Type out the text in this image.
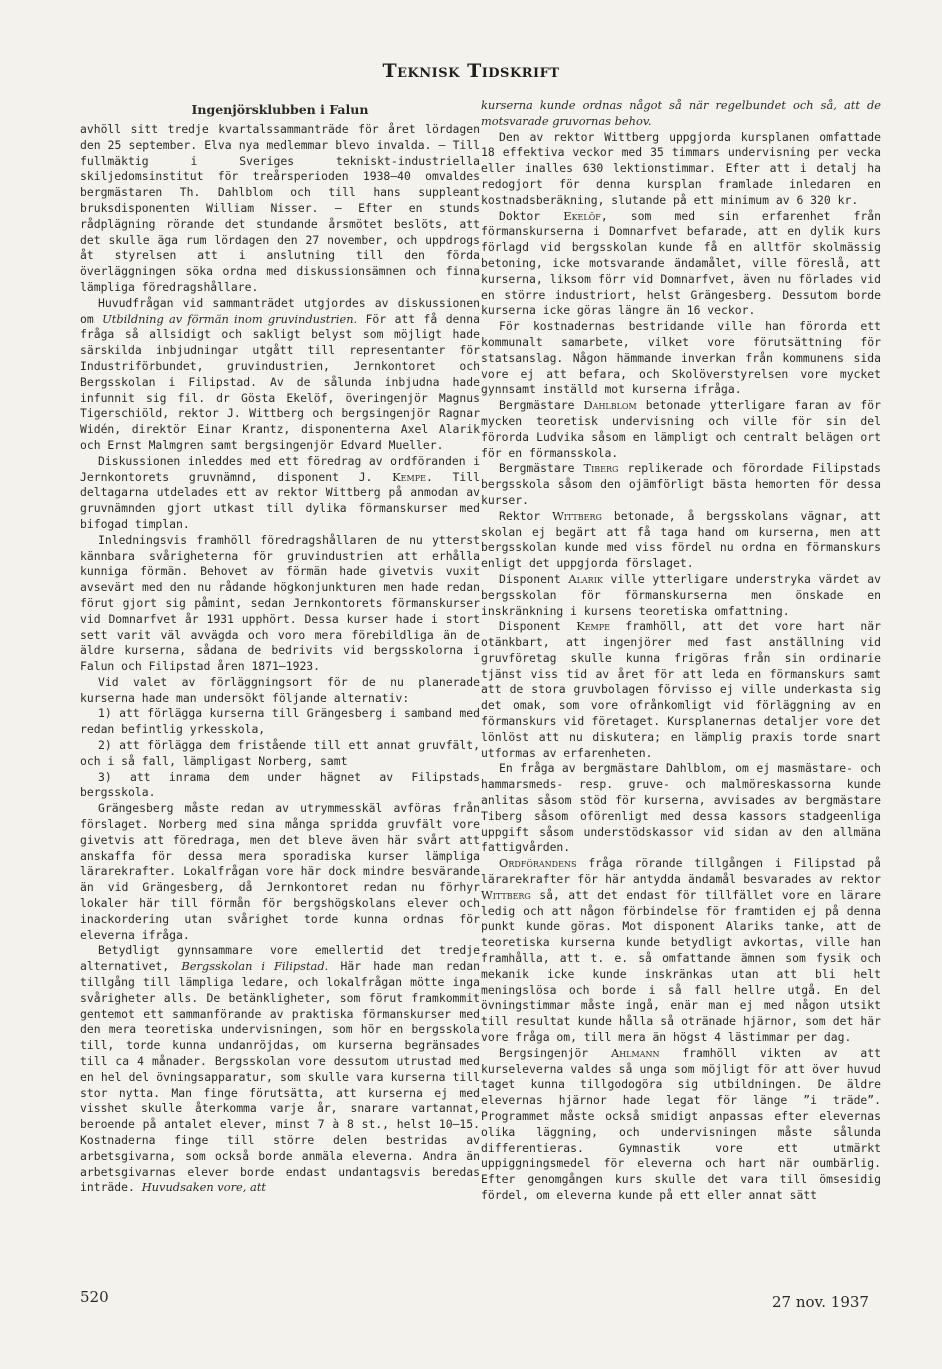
Teknisk Tidskrift
Ingenjörsklubben i Falun

avhöll sitt tredje kvartalssammanträde för året lördagen den 25 september. Elva nya medlemmar blevo invalda. — Till fullmäktig i Sveriges tekniskt-industriella skiljedomsinstitut för treårsperioden 1938—40 omvaldes bergmästaren Th. Dahlblom och till hans suppleant bruksdisponenten William Nisser. — Efter en stunds rådplägning rörande det stundande årsmötet beslöts, att det skulle äga rum lördagen den 27 november, och uppdrogs åt styrelsen att i anslutning till den förda överläggningen söka ordna med diskussionsämnen och finna lämpliga föredragshållare.

Huvudfrågan vid sammanträdet utgjordes av diskussionen om Utbildning av förmän inom gruvindustrien. För att få denna fråga så allsidigt och sakligt belyst som möjligt hade särskilda inbjudningar utgått till representanter för Industriförbundet, gruvindustrien, Jernkontoret och Bergsskolan i Filipstad. Av de sålunda inbjudna hade infunnit sig fil. dr Gösta Ekelöf, överingenjör Magnus Tigerschiöld, rektor J. Wittberg och bergsingenjör Ragnar Widén, direktör Einar Krantz, disponenterna Axel Alarik och Ernst Malmgren samt bergsingenjör Edvard Mueller.

Diskussionen inleddes med ett föredrag av ordföranden i Jernkontorets gruvnämnd, disponent J. Kempe. Till deltagarna utdelades ett av rektor Wittberg på anmodan av gruvnämnden gjort utkast till dylika förmanskurser med bifogad timplan.

Inledningsvis framhöll föredragshållaren de nu ytterst kännbara svårigheterna för gruvindustrien att erhålla kunniga förmän. Behovet av förmän hade givetvis vuxit avsevärt med den nu rådande högkonjunkturen men hade redan förut gjort sig påmint, sedan Jernkontorets förmanskurser vid Domnarfvet år 1931 upphört. Dessa kurser hade i stort sett varit väl avvägda och voro mera förebildliga än de äldre kurserna, sådana de bedrivits vid bergsskolorna i Falun och Filipstad åren 1871—1923.

Vid valet av förläggningsort för de nu planerade kurserna hade man undersökt följande alternativ:

1) att förlägga kurserna till Grängesberg i samband med redan befintlig yrkesskola,

2) att förlägga dem fristående till ett annat gruvfält, och i så fall, lämpligast Norberg, samt

3) att inrama dem under hägnet av Filipstads bergsskola.

Grängesberg måste redan av utrymmesskäl avföras från förslaget. Norberg med sina många spridda gruvfält vore givetvis att föredraga, men det bleve även här svårt att anskaffa för dessa mera sporadiska kurser lämpliga lärarekrafter. Lokalfrågan vore här dock mindre besvärande än vid Grängesberg, då Jernkontoret redan nu förhyr lokaler här till förmån för bergshögskolans elever och inackordering utan svårighet torde kunna ordnas för eleverna ifråga.

Betydligt gynnsammare vore emellertid det tredje alternativet, Bergsskolan i Filipstad. Här hade man redan tillgång till lämpliga ledare, och lokalfrågan mötte inga svårigheter alls. De betänkligheter, som förut framkommit gentemot ett sammanförande av praktiska förmanskurser med den mera teoretiska undervisningen, som hör en bergsskola till, torde kunna undanröjdas, om kurserna begränsades till ca 4 månader. Bergsskolan vore dessutom utrustad med en hel del övningsapparatur, som skulle vara kurserna till stor nytta. Man finge förutsätta, att kurserna ej med visshet skulle återkomma varje år, snarare vartannat, beroende på antalet elever, minst 7 à 8 st., helst 10—15. Kostnaderna finge till större delen bestridas av arbetsgivarna, som också borde anmäla eleverna. Andra än arbetsgivarnas elever borde endast undantagsvis beredas inträde. Huvudsaken vore, att

kurserna kunde ordnas något så när regelbundet och så, att de motsvarade gruvornas behov.

Den av rektor Wittberg uppgjorda kursplanen omfattade 18 effektiva veckor med 35 timmars undervisning per vecka eller inalles 630 lektionstimmar. Efter att i detalj ha redogjort för denna kursplan framlade inledaren en kostnadsberäkning, slutande på ett minimum av 6 320 kr.

Doktor Ekelöf, som med sin erfarenhet från förmanskurserna i Domnarfvet befarade, att en dylik kurs förlagd vid bergsskolan kunde få en alltför skolmässig betoning, icke motsvarande ändamålet, ville föreslå, att kurserna, liksom förr vid Domnarfvet, även nu förlades vid en större industriort, helst Grängesberg. Dessutom borde kurserna icke göras längre än 16 veckor.

För kostnadernas bestridande ville han förorda ett kommunalt samarbete, vilket vore förutsättning för statsanslag. Någon hämmande inverkan från kommunens sida vore ej att befara, och Skolöverstyrelsen vore mycket gynnsamt inställd mot kurserna ifråga.

Bergmästare Dahlblom betonade ytterligare faran av för mycken teoretisk undervisning och ville för sin del förorda Ludvika såsom en lämpligt och centralt belägen ort för en förmansskola.

Bergmästare Tiberg replikerade och förordade Filipstads bergsskola såsom den ojämförligt bästa hemorten för dessa kurser.

Rektor Wittberg betonade, å bergsskolans vägnar, att skolan ej begärt att få taga hand om kurserna, men att bergsskolan kunde med viss fördel nu ordna en förmanskurs enligt det uppgjorda förslaget.

Disponent Alarik ville ytterligare understryka värdet av bergsskolan för förmanskurserna men önskade en inskränkning i kursens teoretiska omfattning.

Disponent Kempe framhöll, att det vore hart när otänkbart, att ingenjörer med fast anställning vid gruvföretag skulle kunna frigöras från sin ordinarie tjänst viss tid av året för att leda en förmanskurs samt att de stora gruvbolagen förvisso ej ville underkasta sig det omak, som vore ofrånkomligt vid förläggning av en förmanskurs vid företaget. Kursplanernas detaljer vore det lönlöst att nu diskutera; en lämplig praxis torde snart utformas av erfarenheten.

En fråga av bergmästare Dahlblom, om ej masmästare- och hammarsmeds- resp. gruve- och malmöreskassorna kunde anlitas såsom stöd för kurserna, avvisades av bergmästare Tiberg såsom oförenligt med dessa kassors stadgeenliga uppgift såsom understödskassor vid sidan av den allmäna fattigvården.

Ordförandens fråga rörande tillgången i Filipstad på lärarekrafter för här antydda ändamål besvarades av rektor Wittberg så, att det endast för tillfället vore en lärare ledig och att någon förbindelse för framtiden ej på denna punkt kunde göras. Mot disponent Alariks tanke, att de teoretiska kurserna kunde betydligt avkortas, ville han framhålla, att t. e. så omfattande ämnen som fysik och mekanik icke kunde inskränkas utan att bli helt meningslösa och borde i så fall hellre utgå. En del övningstimmar måste ingå, enär man ej med någon utsikt till resultat kunde hålla så otränade hjärnor, som det här vore fråga om, till mera än högst 4 lästimmar per dag.

Bergsingenjör Ahlmann framhöll vikten av att kurseleverna valdes så unga som möjligt för att över huvud taget kunna tillgodogöra sig utbildningen. De äldre elevernas hjärnor hade legat för länge ”i träde”. Programmet måste också smidigt anpassas efter elevernas olika läggning, och undervisningen måste sålunda differentieras. Gymnastik vore ett utmärkt uppiggningsmedel för eleverna och hart när oumbärlig. Efter genomgången kurs skulle det vara till ömsesidig fördel, om eleverna kunde på ett eller annat sätt

520	27 nov. 1937
